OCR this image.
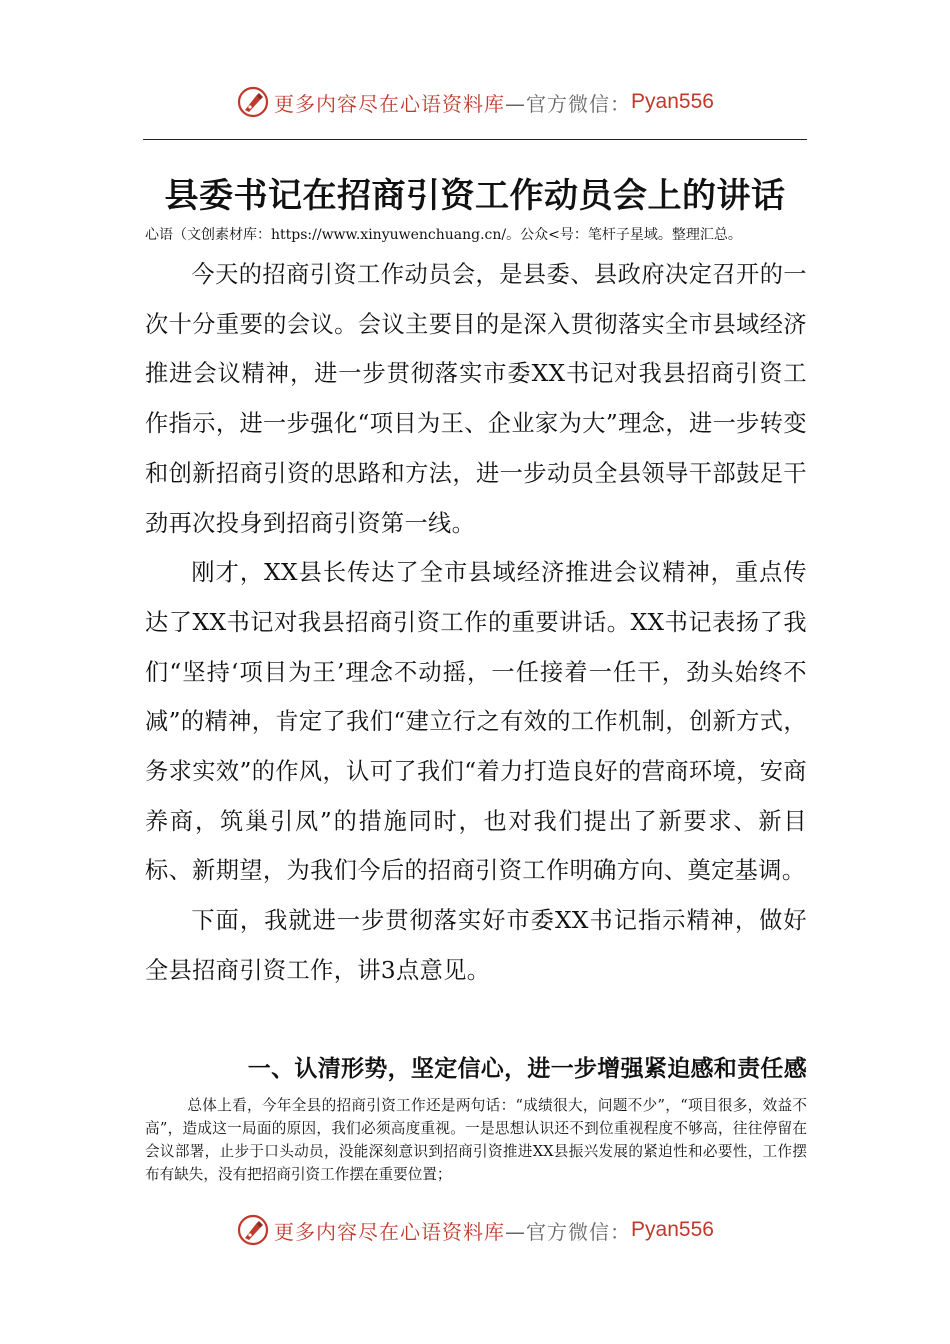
更多内容尽在心语资料库 —官方微信： Pyan556
县委书记在招商引资工作动员会上的讲话
心语（文创素材库：https://www.xinyuwenchuang.cn/。公众<号：笔杆子星域。整理汇总。

今天的招商引资工作动员会，是县委、县政府决定召开的一次十分重要的会议。会议主要目的是深入贯彻落实全市县域经济推进会议精神，进一步贯彻落实市委XX书记对我县招商引资工作指示，进一步强化“项目为王、企业家为大”理念，进一步转变和创新招商引资的思路和方法，进一步动员全县领导干部鼓足干劲再次投身到招商引资第一线。

刚才，XX县长传达了全市县域经济推进会议精神，重点传达了XX书记对我县招商引资工作的重要讲话。XX书记表扬了我们“坚持‘项目为王’理念不动摇，一任接着一任干，劲头始终不减”的精神，肯定了我们“建立行之有效的工作机制，创新方式，务求实效”的作风，认可了我们“着力打造良好的营商环境，安商养商，筑巢引凤”的措施同时，也对我们提出了新要求、新目标、新期望，为我们今后的招商引资工作明确方向、奠定基调。

下面，我就进一步贯彻落实好市委XX书记指示精神，做好全县招商引资工作，讲3点意见。

一、认清形势，坚定信心，进一步增强紧迫感和责任感

总体上看，今年全县的招商引资工作还是两句话：“成绩很大，问题不少”，“项目很多，效益不高”，造成这一局面的原因，我们必须高度重视。一是思想认识还不到位重视程度不够高，往往停留在会议部署，止步于口头动员，没能深刻意识到招商引资推进XX县振兴发展的紧迫性和必要性，工作摆布有缺失，没有把招商引资工作摆在重要位置；

更多内容尽在心语资料库 —官方微信： Pyan556
